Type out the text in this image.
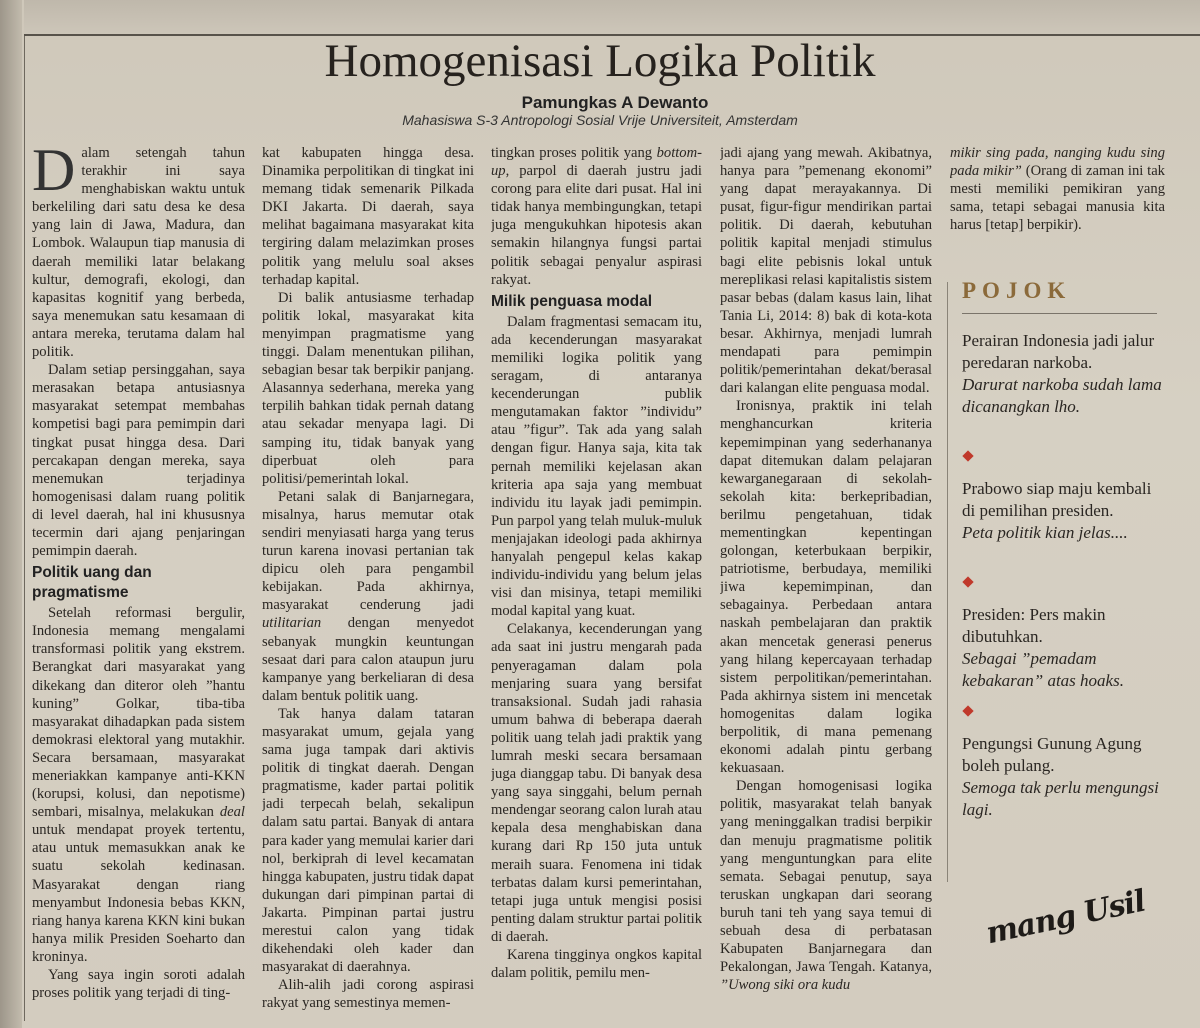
Homogenisasi Logika Politik
Pamungkas A Dewanto
Mahasiswa S-3 Antropologi Sosial Vrije Universiteit, Amsterdam

Dalam setengah tahun terakhir ini saya menghabiskan waktu untuk berkeliling dari satu desa ke desa yang lain di Jawa, Madura, dan Lombok. Walaupun tiap manusia di daerah memiliki latar belakang kultur, demografi, ekologi, dan kapasitas kognitif yang berbeda, saya menemukan satu kesamaan di antara mereka, terutama dalam hal politik.

Dalam setiap persinggahan, saya merasakan betapa antusiasnya masyarakat setempat membahas kompetisi bagi para pemimpin dari tingkat pusat hingga desa. Dari percakapan dengan mereka, saya menemukan terjadinya homogenisasi dalam ruang politik di level daerah, hal ini khususnya tecermin dari ajang penjaringan pemimpin daerah.

Politik uang dan pragmatisme

Setelah reformasi bergulir, Indonesia memang mengalami transformasi politik yang ekstrem. Berangkat dari masyarakat yang dikekang dan diteror oleh ”hantu kuning” Golkar, tiba-tiba masyarakat dihadapkan pada sistem demokrasi elektoral yang mutakhir. Secara bersamaan, masyarakat meneriakkan kampanye anti-KKN (korupsi, kolusi, dan nepotisme) sembari, misalnya, melakukan deal untuk mendapat proyek tertentu, atau untuk memasukkan anak ke suatu sekolah kedinasan. Masyarakat dengan riang menyambut Indonesia bebas KKN, riang hanya karena KKN kini bukan hanya milik Presiden Soeharto dan kroninya.

Yang saya ingin soroti adalah proses politik yang terjadi di ting-

kat kabupaten hingga desa. Dinamika perpolitikan di tingkat ini memang tidak semenarik Pilkada DKI Jakarta. Di daerah, saya melihat bagaimana masyarakat kita tergiring dalam melazimkan proses politik yang melulu soal akses terhadap kapital.

Di balik antusiasme terhadap politik lokal, masyarakat kita menyimpan pragmatisme yang tinggi. Dalam menentukan pilihan, sebagian besar tak berpikir panjang. Alasannya sederhana, mereka yang terpilih bahkan tidak pernah datang atau sekadar menyapa lagi. Di samping itu, tidak banyak yang diperbuat oleh para politisi/pemerintah lokal.

Petani salak di Banjarnegara, misalnya, harus memutar otak sendiri menyiasati harga yang terus turun karena inovasi pertanian tak dipicu oleh para pengambil kebijakan. Pada akhirnya, masyarakat cenderung jadi utilitarian dengan menyedot sebanyak mungkin keuntungan sesaat dari para calon ataupun juru kampanye yang berkeliaran di desa dalam bentuk politik uang.

Tak hanya dalam tataran masyarakat umum, gejala yang sama juga tampak dari aktivis politik di tingkat daerah. Dengan pragmatisme, kader partai politik jadi terpecah belah, sekalipun dalam satu partai. Banyak di antara para kader yang memulai karier dari nol, berkiprah di level kecamatan hingga kabupaten, justru tidak dapat dukungan dari pimpinan partai di Jakarta. Pimpinan partai justru merestui calon yang tidak dikehendaki oleh kader dan masyarakat di daerahnya.

Alih-alih jadi corong aspirasi rakyat yang semestinya memen-

tingkan proses politik yang bottom-up, parpol di daerah justru jadi corong para elite dari pusat. Hal ini tidak hanya membingungkan, tetapi juga mengukuhkan hipotesis akan semakin hilangnya fungsi partai politik sebagai penyalur aspirasi rakyat.

Milik penguasa modal

Dalam fragmentasi semacam itu, ada kecenderungan masyarakat memiliki logika politik yang seragam, di antaranya kecenderungan publik mengutamakan faktor ”individu” atau ”figur”. Tak ada yang salah dengan figur. Hanya saja, kita tak pernah memiliki kejelasan akan kriteria apa saja yang membuat individu itu layak jadi pemimpin. Pun parpol yang telah muluk-muluk menjajakan ideologi pada akhirnya hanyalah pengepul kelas kakap individu-individu yang belum jelas visi dan misinya, tetapi memiliki modal kapital yang kuat.

Celakanya, kecenderungan yang ada saat ini justru mengarah pada penyeragaman dalam pola menjaring suara yang bersifat transaksional. Sudah jadi rahasia umum bahwa di beberapa daerah politik uang telah jadi praktik yang lumrah meski secara bersamaan juga dianggap tabu. Di banyak desa yang saya singgahi, belum pernah mendengar seorang calon lurah atau kepala desa menghabiskan dana kurang dari Rp 150 juta untuk meraih suara. Fenomena ini tidak terbatas dalam kursi pemerintahan, tetapi juga untuk mengisi posisi penting dalam struktur partai politik di daerah.

Karena tingginya ongkos kapital dalam politik, pemilu men-

jadi ajang yang mewah. Akibatnya, hanya para ”pemenang ekonomi” yang dapat merayakannya. Di pusat, figur-figur mendirikan partai politik. Di daerah, kebutuhan politik kapital menjadi stimulus bagi elite pebisnis lokal untuk mereplikasi relasi kapitalistis sistem pasar bebas (dalam kasus lain, lihat Tania Li, 2014: 8) bak di kota-kota besar. Akhirnya, menjadi lumrah mendapati para pemimpin politik/pemerintahan dekat/berasal dari kalangan elite penguasa modal.

Ironisnya, praktik ini telah menghancurkan kriteria kepemimpinan yang sederhananya dapat ditemukan dalam pelajaran kewarganegaraan di sekolah-sekolah kita: berkepribadian, berilmu pengetahuan, tidak mementingkan kepentingan golongan, keterbukaan berpikir, patriotisme, berbudaya, memiliki jiwa kepemimpinan, dan sebagainya. Perbedaan antara naskah pembelajaran dan praktik akan mencetak generasi penerus yang hilang kepercayaan terhadap sistem perpolitikan/pemerintahan. Pada akhirnya sistem ini mencetak homogenitas dalam logika berpolitik, di mana pemenang ekonomi adalah pintu gerbang kekuasaan.

Dengan homogenisasi logika politik, masyarakat telah banyak yang meninggalkan tradisi berpikir dan menuju pragmatisme politik yang menguntungkan para elite semata. Sebagai penutup, saya teruskan ungkapan dari seorang buruh tani teh yang saya temui di sebuah desa di perbatasan Kabupaten Banjarnegara dan Pekalongan, Jawa Tengah. Katanya, ”Uwong siki ora kudu

mikir sing pada, nanging kudu sing pada mikir” (Orang di zaman ini tak mesti memiliki pemikiran yang sama, tetapi sebagai manusia kita harus [tetap] berpikir).

POJOK
Perairan Indonesia jadi jalur peredaran narkoba.
Darurat narkoba sudah lama dicanangkan lho.
Prabowo siap maju kembali di pemilihan presiden.
Peta politik kian jelas....
Presiden: Pers makin dibutuhkan.
Sebagai ”pemadam kebakaran” atas hoaks.
Pengungsi Gunung Agung boleh pulang.
Semoga tak perlu mengungsi lagi.
mang Usil
